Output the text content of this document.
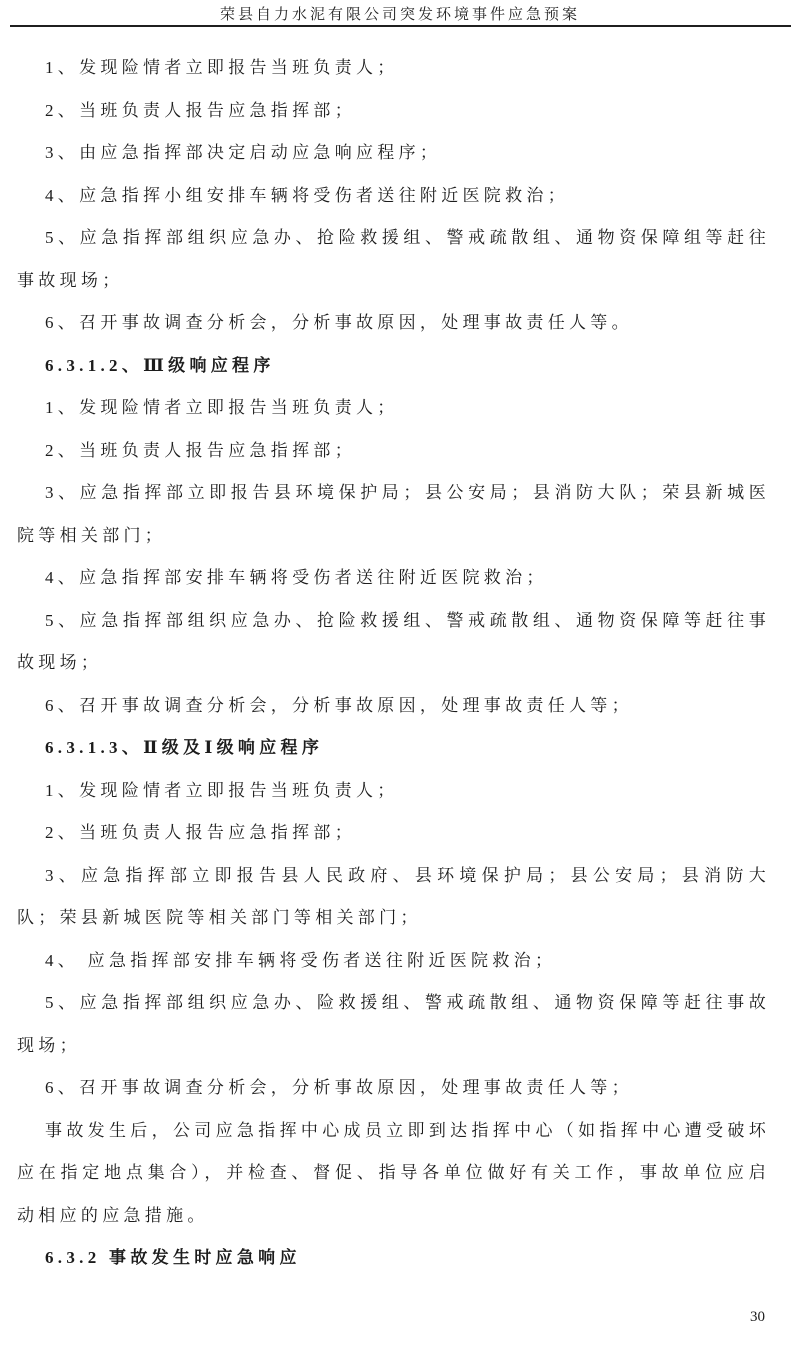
荣县自力水泥有限公司突发环境事件应急预案

1、发现险情者立即报告当班负责人；

2、当班负责人报告应急指挥部；

3、由应急指挥部决定启动应急响应程序；

4、应急指挥小组安排车辆将受伤者送往附近医院救治；

5、应急指挥部组织应急办、抢险救援组、警戒疏散组、通物资保障组等赶往事故现场；

6、召开事故调查分析会，分析事故原因，处理事故责任人等。

6.3.1.2、Ⅲ级响应程序

1、发现险情者立即报告当班负责人；

2、当班负责人报告应急指挥部；

3、应急指挥部立即报告县环境保护局；县公安局；县消防大队；荣县新城医院等相关部门；

4、应急指挥部安排车辆将受伤者送往附近医院救治；

5、应急指挥部组织应急办、抢险救援组、警戒疏散组、通物资保障等赶往事故现场；

6、召开事故调查分析会，分析事故原因，处理事故责任人等；

6.3.1.3、Ⅱ级及Ⅰ级响应程序

1、发现险情者立即报告当班负责人；

2、当班负责人报告应急指挥部；

3、应急指挥部立即报告县人民政府、县环境保护局；县公安局；县消防大队；荣县新城医院等相关部门等相关部门；

4、 应急指挥部安排车辆将受伤者送往附近医院救治；

5、应急指挥部组织应急办、险救援组、警戒疏散组、通物资保障等赶往事故现场；

6、召开事故调查分析会，分析事故原因，处理事故责任人等；

事故发生后，公司应急指挥中心成员立即到达指挥中心（如指挥中心遭受破坏应在指定地点集合），并检查、督促、指导各单位做好有关工作，事故单位应启动相应的应急措施。

6.3.2 事故发生时应急响应

30
